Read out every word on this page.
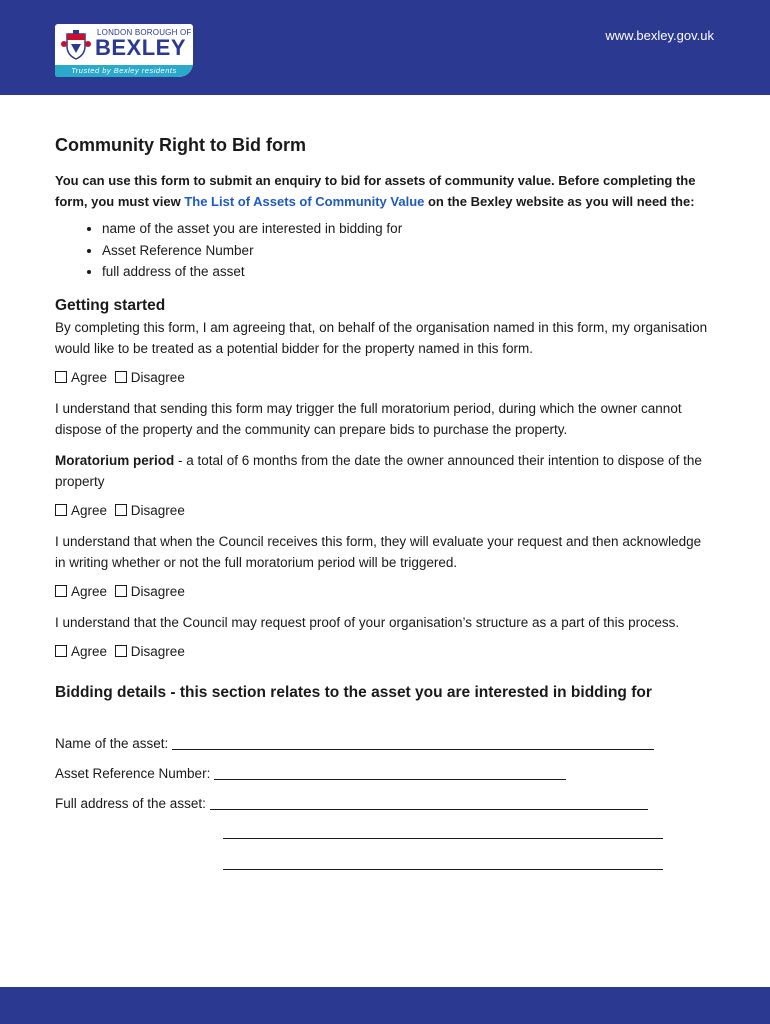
LONDON BOROUGH OF
BEXLEY
Trusted by Bexley residents
www.bexley.gov.uk
Community Right to Bid form
You can use this form to submit an enquiry to bid for assets of community value. Before completing the form, you must view The List of Assets of Community Value on the Bexley website as you will need the:
• name of the asset you are interested in bidding for
• Asset Reference Number
• full address of the asset
Getting started

By completing this form, I am agreeing that, on behalf of the organisation named in this form, my organisation would like to be treated as a potential bidder for the property named in this form.

Agree Disagree

I understand that sending this form may trigger the full moratorium period, during which the owner cannot dispose of the property and the community can prepare bids to purchase the property.

Moratorium period - a total of 6 months from the date the owner announced their intention to dispose of the property

Agree Disagree

I understand that when the Council receives this form, they will evaluate your request and then acknowledge in writing whether or not the full moratorium period will be triggered.

Agree Disagree

I understand that the Council may request proof of your organisation’s structure as a part of this process.

Agree Disagree
Bidding details - this section relates to the asset you are interested in bidding for
Name of the asset:
Asset Reference Number:
Full address of the asset:
